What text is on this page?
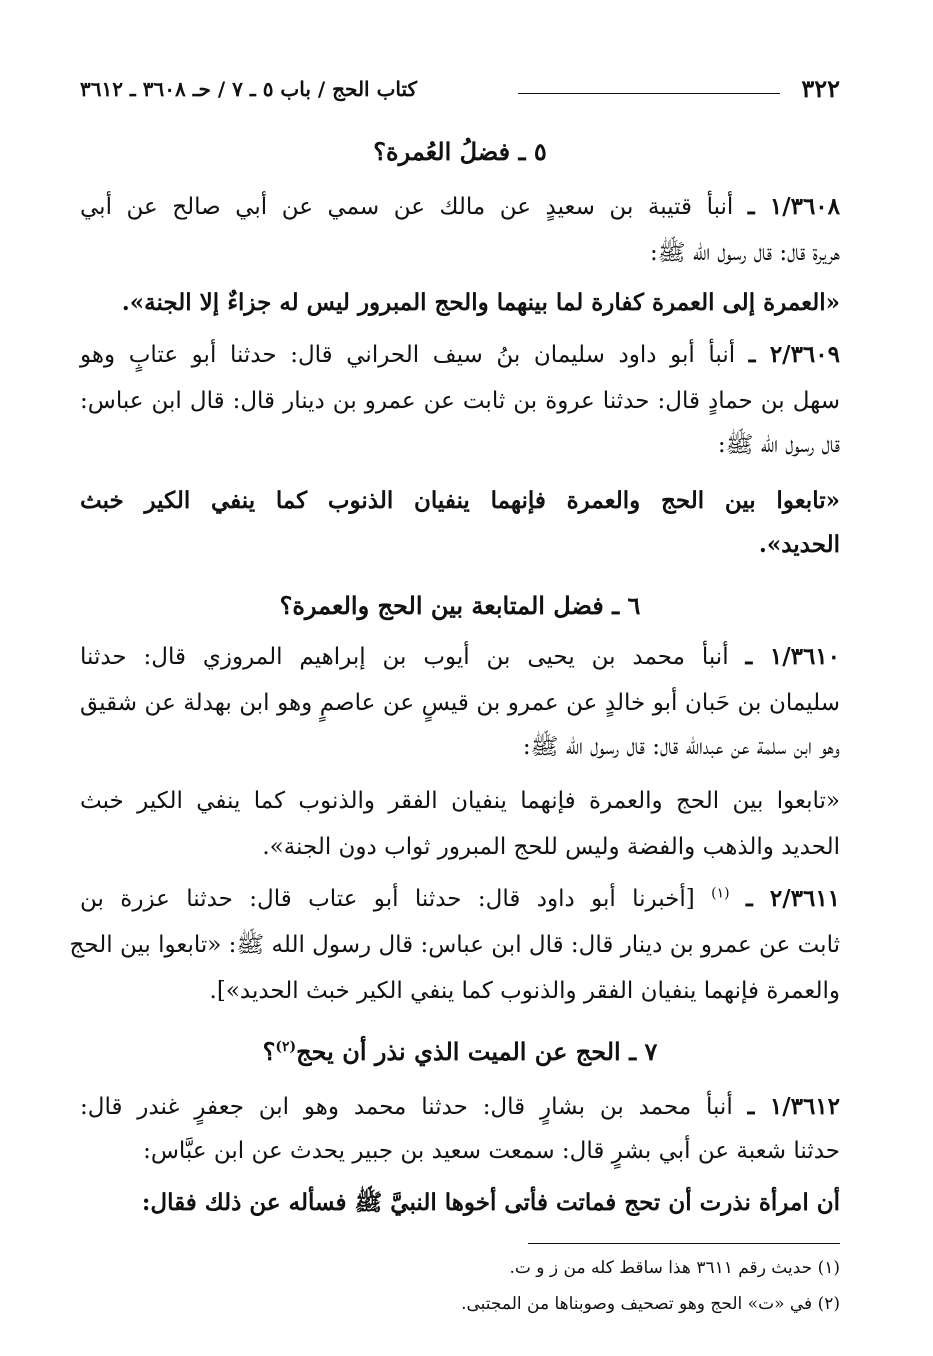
٣٢٢
كتاب الحج / باب ٥ ـ ٧ / حـ ٣٦٠٨ ـ ٣٦١٢
٥ ـ فضلُ العُمرة؟
١/٣٦٠٨ ـ أنبأ قتيبة بن سعيدٍ عن مالك عن سمي عن أبي صالح عن أبي
هريرة قال: قال رسول الله ﷺ:
«العمرة إلى العمرة كفارة لما بينهما والحج المبرور ليس له جزاءٌ إلا الجنة».
٢/٣٦٠٩ ـ أنبأ أبو داود سليمان بنُ سيف الحراني قال: حدثنا أبو عتابٍ وهو
سهل بن حمادٍ قال: حدثنا عروة بن ثابت عن عمرو بن دينار قال: قال ابن عباس:
قال رسول الله ﷺ:
«تابعوا بين الحج والعمرة فإنهما ينفيان الذنوب كما ينفي الكير خبث
الحديد».
٦ ـ فضل المتابعة بين الحج والعمرة؟
١/٣٦١٠ ـ أنبأ محمد بن يحيى بن أيوب بن إبراهيم المروزي قال: حدثنا
سليمان بن حَبان أبو خالدٍ عن عمرو بن قيسٍ عن عاصمٍ وهو ابن بهدلة عن شقيق
وهو ابن سلمة عن عبدالله قال: قال رسول الله ﷺ:
«تابعوا بين الحج والعمرة فإنهما ينفيان الفقر والذنوب كما ينفي الكير خبث
الحديد والذهب والفضة وليس للحج المبرور ثواب دون الجنة».
٢/٣٦١١ ـ $^{(١)}$ [أخبرنا أبو داود قال: حدثنا أبو عتاب قال: حدثنا عزرة بن
ثابت عن عمرو بن دينار قال: قال ابن عباس: قال رسول الله ﷺ: «تابعوا بين الحج
والعمرة فإنهما ينفيان الفقر والذنوب كما ينفي الكير خبث الحديد»].
٧ ـ الحج عن الميت الذي نذر أن يحج$^{(٢)}$؟
١/٣٦١٢ ـ أنبأ محمد بن بشارٍ قال: حدثنا محمد وهو ابن جعفرٍ غندر قال:
حدثنا شعبة عن أبي بشرٍ قال: سمعت سعيد بن جبير يحدث عن ابن عبَّاس:
أن امرأة نذرت أن تحج فماتت فأتى أخوها النبيَّ ﷺ فسأله عن ذلك فقال:
(١) حديث رقم ٣٦١١ هذا ساقط كله من ز و ت.
(٢) في «ت» الحج وهو تصحيف وصوبناها من المجتبى.
